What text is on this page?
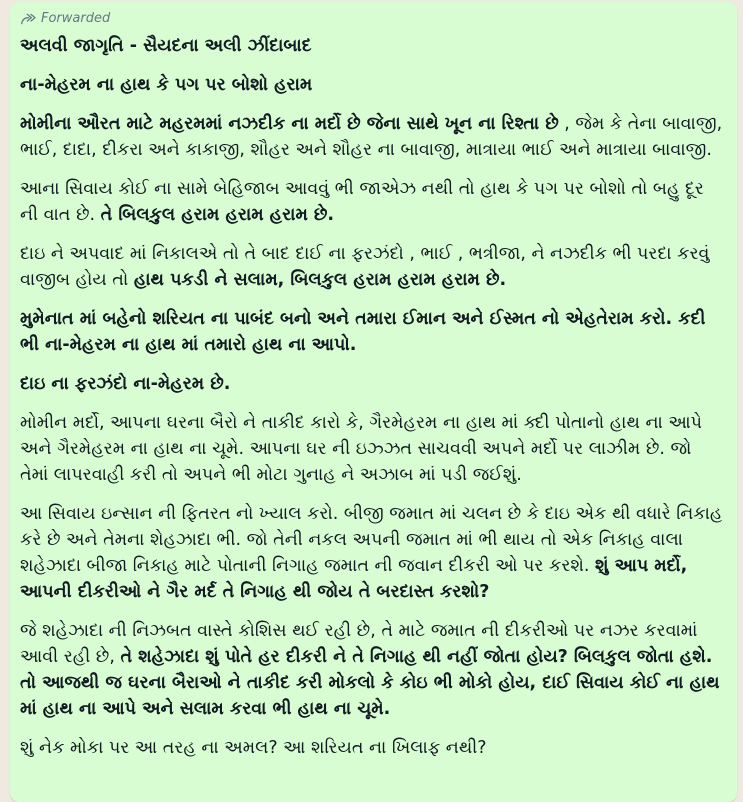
Forwarded
અલવી જાગૃતિ - સૈયદના અલી ઝીંદાબાદ

ના-મેહરમ ના હાથ કે પગ પર બોશો હરામ

મોમીના ઔરત માટે મહરમમાં નઝદીક ના મર્દો છે જેના સાથે ખૂન ના રિશ્તા છે , જેમ કે તેના બાવાજી, ભાઈ, દાદા, દીકરા અને કાકાજી, શૌહર અને શૌહર ના બાવાજી, માત્રાયા ભાઈ અને માત્રાયા બાવાજી.

આના સિવાય કોઈ ના સામે બેહિજાબ આવવું ભી જાએઝ નથી તો હાથ કે પગ પર બોશો તો બહુ દૂર ની વાત છે. તે બિલકુલ હરામ હરામ હરામ છે.

દાઇ ને અપવાદ માં નિકાલએ તો તે બાદ દાઈ ના ફરઝંદો , ભાઈ , ભત્રીજા, ને નઝદીક ભી પરદા કરવું વાજીબ હોય તો હાથ પકડી ને સલામ, બિલકુલ હરામ હરામ હરામ છે.

મુમેનાત માં બહેનો શરિયત ના પાબંદ બનો અને તમારા ઈમાન અને ઈસ્મત નો એહતેરામ કરો. કદી ભી ના-મેહરમ ના હાથ માં તમારો હાથ ના આપો.

દાઇ ના ફરઝંદો ના-મેહરમ છે.

મોમીન મર્દો, આપના ઘરના બૈરો ને તાકીદ કારો કે, ગૈરમેહરમ ના હાથ માં ક્દી પોતાનો હાથ ના આપે અને ગૈરમેહરમ ના હાથ ના ચૂમે. આપના ઘર ની ઇઝ્ઝત સાચવવી અપને મર્દો પર લાઝીમ છે. જો તેમાં લાપરવાહી કરી તો અપને ભી મોટા ગુનાહ ને અઝાબ માં પડી જઈશું.

આ સિવાય ઇન્સાન ની ફિતરત નો ખ્યાલ કરો. બીજી જમાત માં ચલન છે કે દાઇ એક થી વધારે નિકાહ કરે છે અને તેમના શેહઝાદા ભી. જો તેની નકલ અપની જમાત માં ભી થાય તો એક નિકાહ વાલા શહેઝાદા બીજા નિકાહ માટે પોતાની નિગાહ જમાત ની જવાન દીકરી ઓ પર કરશે. શું આપ મર્દો, આપની દીકરીઓ ને ગૈર મર્દ તે નિગાહ થી જોય તે બરદાસ્ત કરશો?

જે શહેઝાદા ની નિઝબત વાસ્તે કોશિસ થઈ રહી છે, તે માટે જમાત ની દીકરીઓ પર નઝર કરવામાં આવી રહી છે, તે શહેઝાદા શું પોતે હર દીકરી ને તે નિગાહ થી નહીં જોતા હોય? બિલકુલ જોતા હશે. તો આજથી જ ઘરના બૈરાઓ ને તાકીદ કરી મોકલો કે કોઇ ભી મોકો હોય, દાઈ સિવાય કોઈ ના હાથ માં હાથ ના આપે અને સલામ કરવા ભી હાથ ના ચૂમે.

શું નેક મોકા પર આ તરહ ના અમલ? આ શરિયત ના ખિલાફ નથી?
